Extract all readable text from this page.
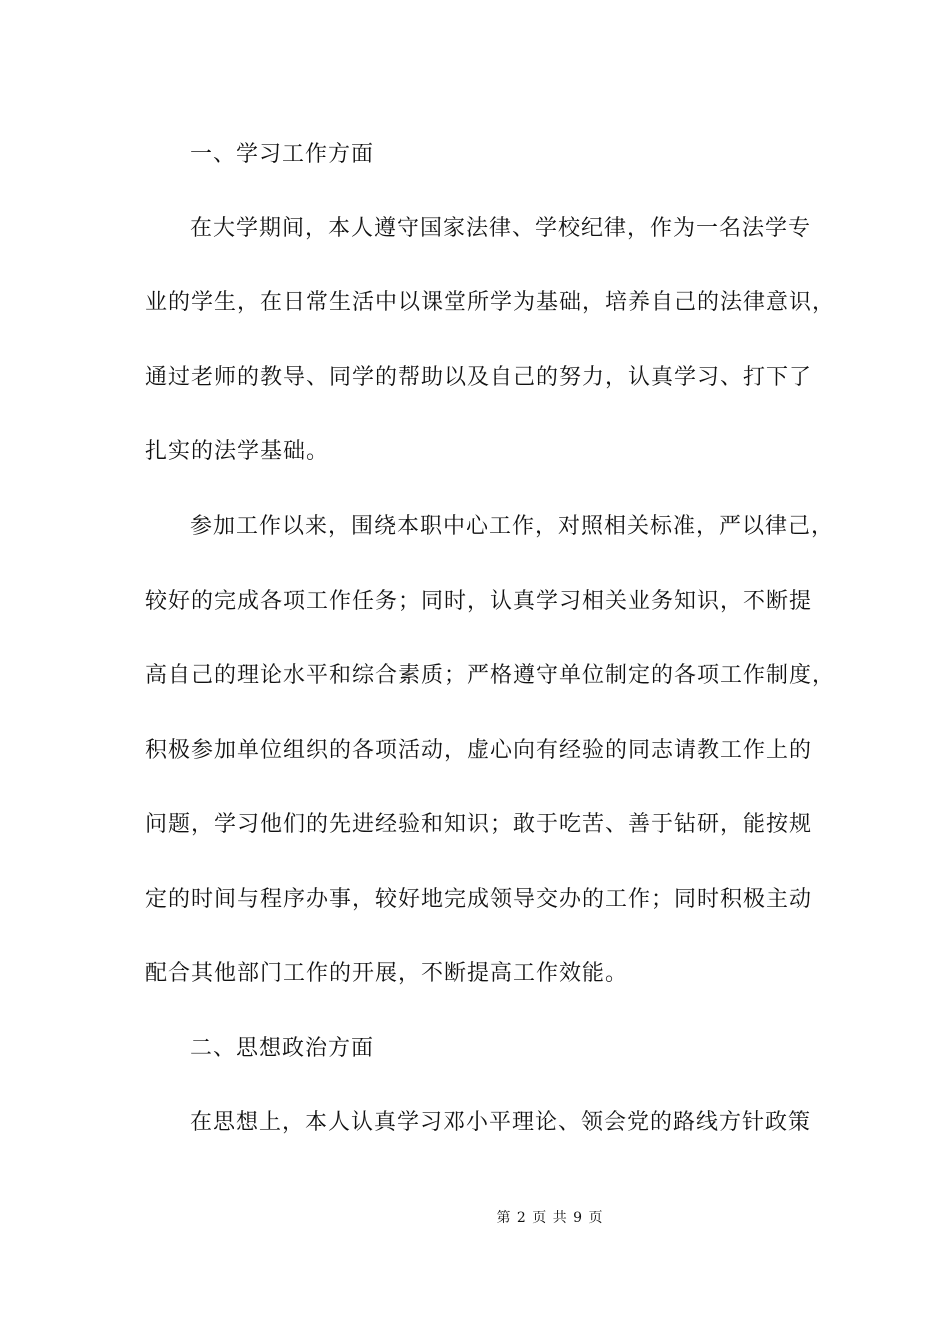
一、学习工作方面
在大学期间，本人遵守国家法律、学校纪律，作为一名法学专
业的学生，在日常生活中以课堂所学为基础，培养自己的法律意识，
通过老师的教导、同学的帮助以及自己的努力，认真学习、打下了
扎实的法学基础。
参加工作以来，围绕本职中心工作，对照相关标准，严以律己，
较好的完成各项工作任务；同时，认真学习相关业务知识，不断提
高自己的理论水平和综合素质；严格遵守单位制定的各项工作制度，
积极参加单位组织的各项活动，虚心向有经验的同志请教工作上的
问题，学习他们的先进经验和知识；敢于吃苦、善于钻研，能按规
定的时间与程序办事，较好地完成领导交办的工作；同时积极主动
配合其他部门工作的开展，不断提高工作效能。
二、思想政治方面
在思想上，本人认真学习邓小平理论、领会党的路线方针政策
第 2 页 共 9 页
